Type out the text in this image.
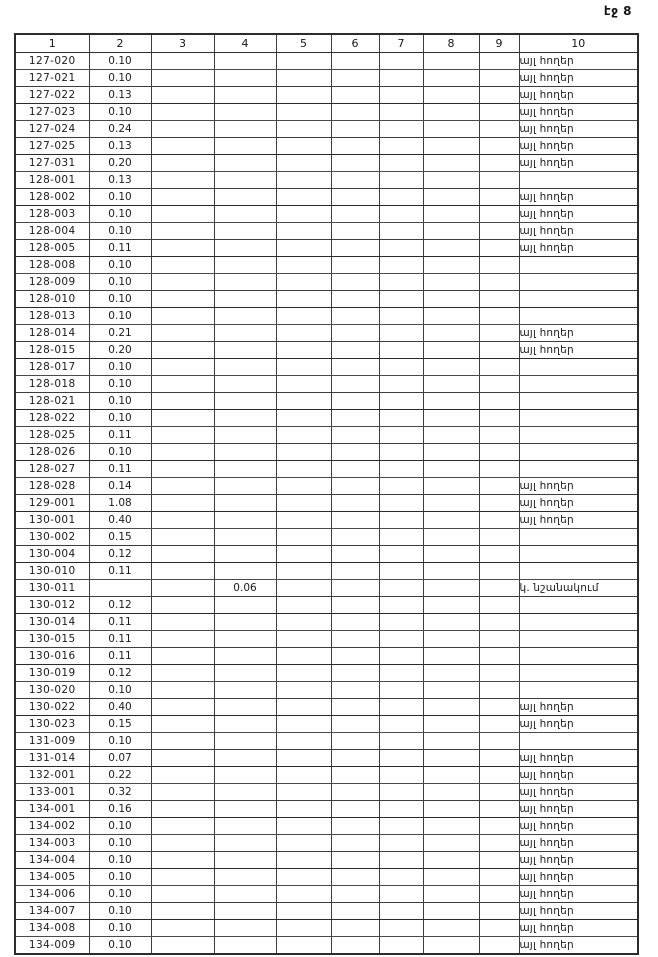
էջ 8
1	2	3	4	5	6	7	8	9	10
127-020	0.10								այլ հողեր
127-021	0.10								այլ հողեր
127-022	0.13								այլ հողեր
127-023	0.10								այլ հողեր
127-024	0.24								այլ հողեր
127-025	0.13								այլ հողեր
127-031	0.20								այլ հողեր
128-001	0.13								
128-002	0.10								այլ հողեր
128-003	0.10								այլ հողեր
128-004	0.10								այլ հողեր
128-005	0.11								այլ հողեր
128-008	0.10								
128-009	0.10								
128-010	0.10								
128-013	0.10								
128-014	0.21								այլ հողեր
128-015	0.20								այլ հողեր
128-017	0.10								
128-018	0.10								
128-021	0.10								
128-022	0.10								
128-025	0.11								
128-026	0.10								
128-027	0.11								
128-028	0.14								այլ հողեր
129-001	1.08								այլ հողեր
130-001	0.40								այլ հողեր
130-002	0.15								
130-004	0.12								
130-010	0.11								
130-011			0.06						կ. նշանակում
130-012	0.12								
130-014	0.11								
130-015	0.11								
130-016	0.11								
130-019	0.12								
130-020	0.10								
130-022	0.40								այլ հողեր
130-023	0.15								այլ հողեր
131-009	0.10								
131-014	0.07								այլ հողեր
132-001	0.22								այլ հողեր
133-001	0.32								այլ հողեր
134-001	0.16								այլ հողեր
134-002	0.10								այլ հողեր
134-003	0.10								այլ հողեր
134-004	0.10								այլ հողեր
134-005	0.10								այլ հողեր
134-006	0.10								այլ հողեր
134-007	0.10								այլ հողեր
134-008	0.10								այլ հողեր
134-009	0.10								այլ հողեր
